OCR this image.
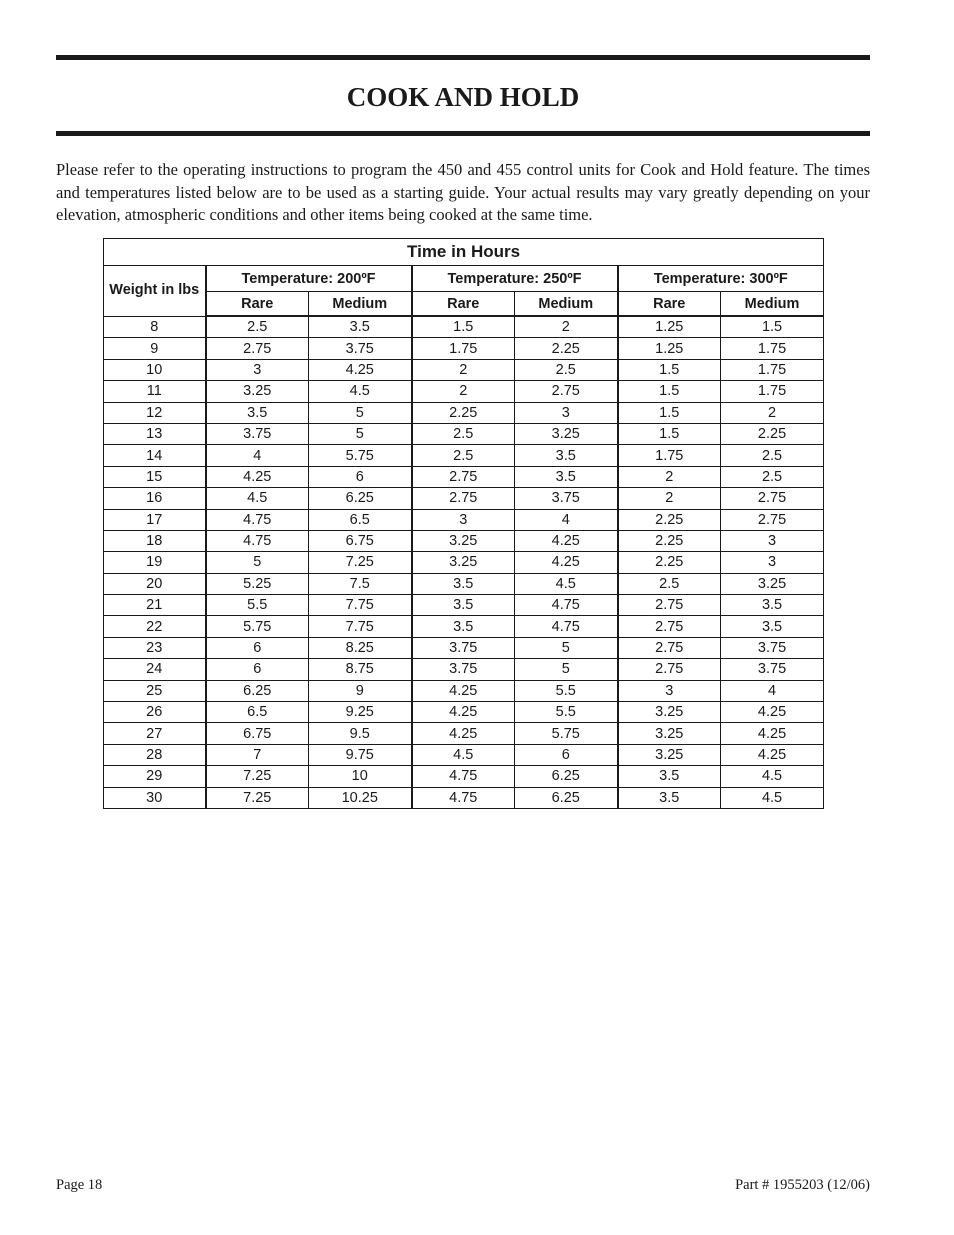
COOK AND HOLD

Please refer to the operating instructions to program the 450 and 455 control units for Cook and Hold feature. The times and temperatures listed below are to be used as a starting guide. Your actual results may vary greatly depending on your elevation, atmospheric conditions and other items being cooked at the same time.

Time in Hours						
Weight in lbs	Temperature: 200ºF		Temperature: 250ºF		Temperature: 300ºF	
	Rare	Medium	Rare	Medium	Rare	Medium
8	2.5	3.5	1.5	2	1.25	1.5
9	2.75	3.75	1.75	2.25	1.25	1.75
10	3	4.25	2	2.5	1.5	1.75
11	3.25	4.5	2	2.75	1.5	1.75
12	3.5	5	2.25	3	1.5	2
13	3.75	5	2.5	3.25	1.5	2.25
14	4	5.75	2.5	3.5	1.75	2.5
15	4.25	6	2.75	3.5	2	2.5
16	4.5	6.25	2.75	3.75	2	2.75
17	4.75	6.5	3	4	2.25	2.75
18	4.75	6.75	3.25	4.25	2.25	3
19	5	7.25	3.25	4.25	2.25	3
20	5.25	7.5	3.5	4.5	2.5	3.25
21	5.5	7.75	3.5	4.75	2.75	3.5
22	5.75	7.75	3.5	4.75	2.75	3.5
23	6	8.25	3.75	5	2.75	3.75
24	6	8.75	3.75	5	2.75	3.75
25	6.25	9	4.25	5.5	3	4
26	6.5	9.25	4.25	5.5	3.25	4.25
27	6.75	9.5	4.25	5.75	3.25	4.25
28	7	9.75	4.5	6	3.25	4.25
29	7.25	10	4.75	6.25	3.5	4.5
30	7.25	10.25	4.75	6.25	3.5	4.5
Page 18	Part # 1955203 (12/06)
